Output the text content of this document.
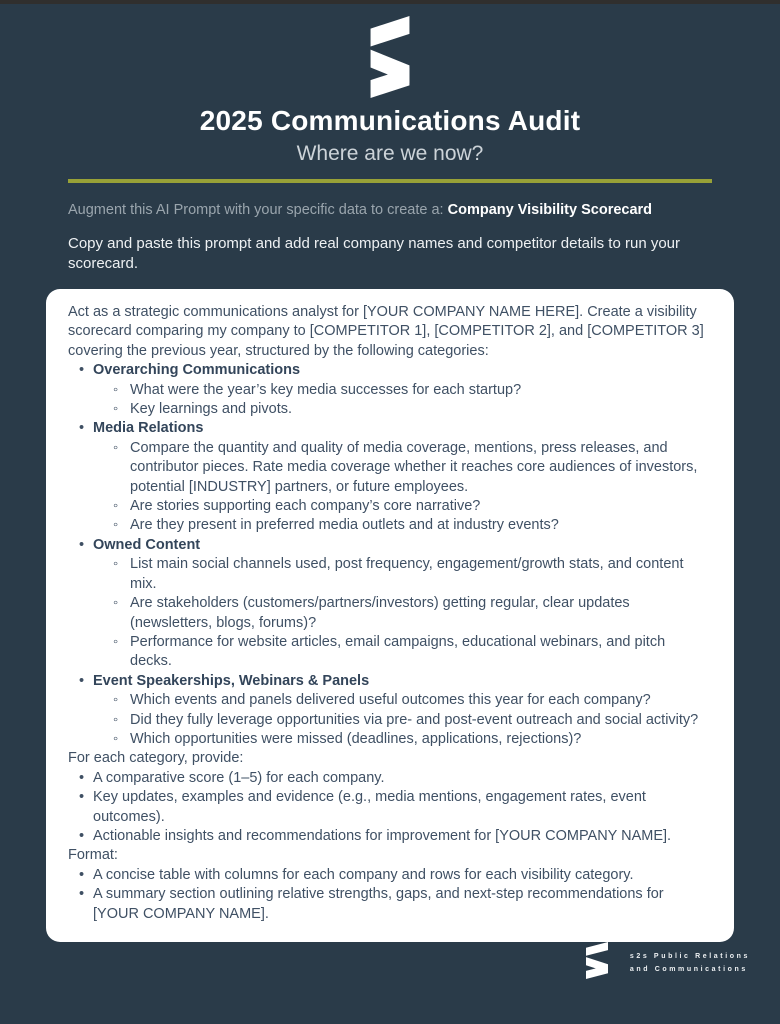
2025 Communications Audit
Where are we now?

Augment this AI Prompt with your specific data to create a: Company Visibility Scorecard

Copy and paste this prompt and add real company names and competitor details to run your scorecard.

Act as a strategic communications analyst for [YOUR COMPANY NAME HERE]. Create a visibility scorecard comparing my company to [COMPETITOR 1], [COMPETITOR 2], and [COMPETITOR 3] covering the previous year, structured by the following categories:

• Overarching Communications
◦ What were the year’s key media successes for each startup?
◦ Key learnings and pivots.
• Media Relations
◦ Compare the quantity and quality of media coverage, mentions, press releases, and contributor pieces. Rate media coverage whether it reaches core audiences of investors, potential [INDUSTRY] partners, or future employees.
◦ Are stories supporting each company’s core narrative?
◦ Are they present in preferred media outlets and at industry events?
• Owned Content
◦ List main social channels used, post frequency, engagement/growth stats, and content mix.
◦ Are stakeholders (customers/partners/investors) getting regular, clear updates (newsletters, blogs, forums)?
◦ Performance for website articles, email campaigns, educational webinars, and pitch decks.
• Event Speakerships, Webinars & Panels
◦ Which events and panels delivered useful outcomes this year for each company?
◦ Did they fully leverage opportunities via pre- and post-event outreach and social activity?
◦ Which opportunities were missed (deadlines, applications, rejections)?

For each category, provide:

• A comparative score (1–5) for each company.
• Key updates, examples and evidence (e.g., media mentions, engagement rates, event outcomes).
• Actionable insights and recommendations for improvement for [YOUR COMPANY NAME].

Format:

• A concise table with columns for each company and rows for each visibility category.
• A summary section outlining relative strengths, gaps, and next-step recommendations for [YOUR COMPANY NAME].
s2s Public Relations
and Communications
